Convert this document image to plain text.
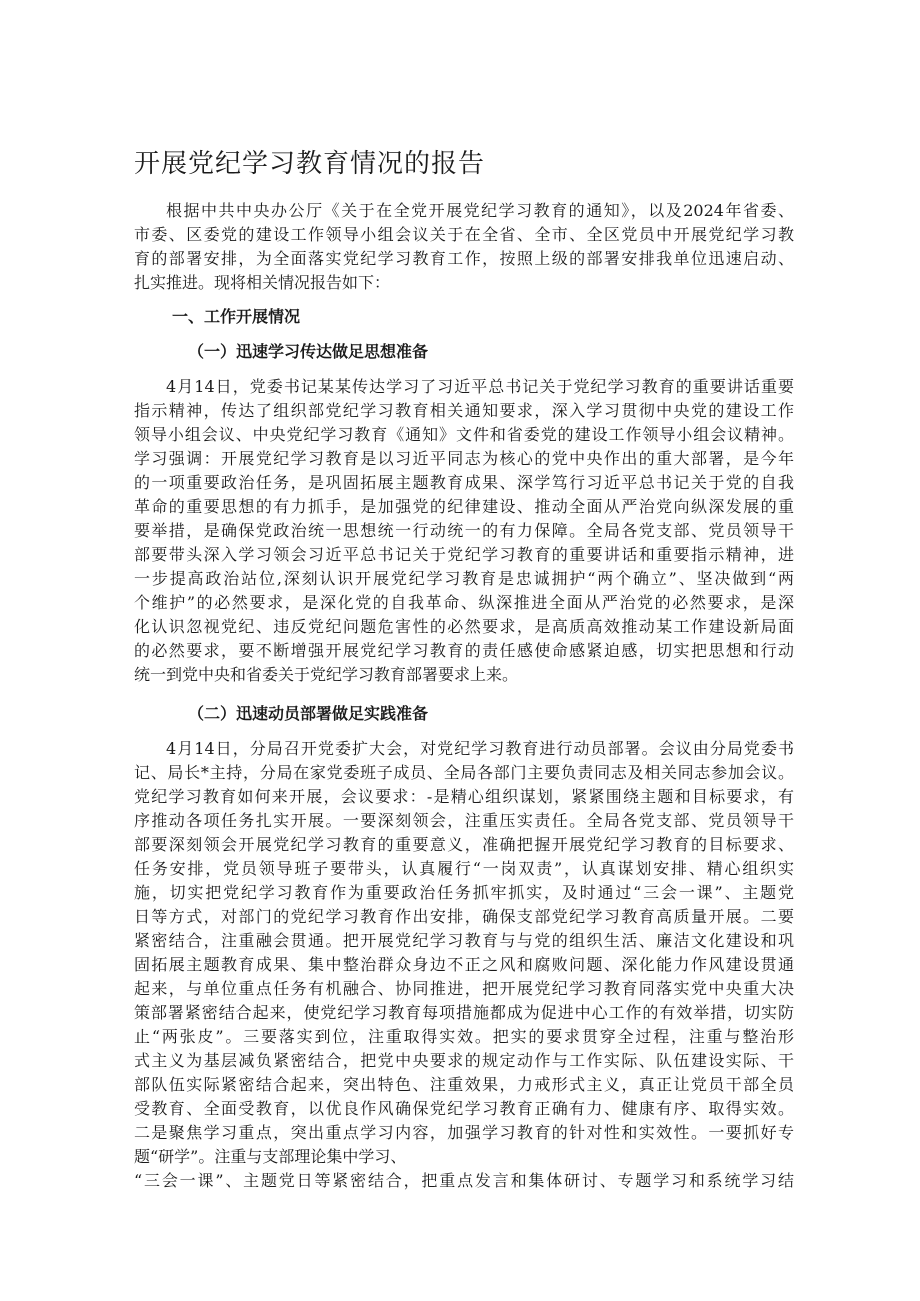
开展党纪学习教育情况的报告
根据中共中央办公厅《关于在全党开展党纪学习教育的通知》，以及2024年省委、
市委、区委党的建设工作领导小组会议关于在全省、全市、全区党员中开展党纪学习教
育的部署安排，为全面落实党纪学习教育工作，按照上级的部署安排我单位迅速启动、
扎实推进。现将相关情况报告如下：
一、工作开展情况
（一）迅速学习传达做足思想准备
4月14日，党委书记某某传达学习了习近平总书记关于党纪学习教育的重要讲话重要
指示精神，传达了组织部党纪学习教育相关通知要求，深入学习贯彻中央党的建设工作
领导小组会议、中央党纪学习教育《通知》文件和省委党的建设工作领导小组会议精神。
学习强调：开展党纪学习教育是以习近平同志为核心的党中央作出的重大部署，是今年
的一项重要政治任务，是巩固拓展主题教育成果、深学笃行习近平总书记关于党的自我
革命的重要思想的有力抓手，是加强党的纪律建设、推动全面从严治党向纵深发展的重
要举措，是确保党政治统一思想统一行动统一的有力保障。全局各党支部、党员领导干
部要带头深入学习领会习近平总书记关于党纪学习教育的重要讲话和重要指示精神，进
一步提高政治站位,深刻认识开展党纪学习教育是忠诚拥护“两个确立”、坚决做到“两
个维护”的必然要求，是深化党的自我革命、纵深推进全面从严治党的必然要求，是深
化认识忽视党纪、违反党纪问题危害性的必然要求，是高质高效推动某工作建设新局面
的必然要求，要不断增强开展党纪学习教育的责任感使命感紧迫感，切实把思想和行动
统一到党中央和省委关于党纪学习教育部署要求上来。
（二）迅速动员部署做足实践准备
4月14日，分局召开党委扩大会，对党纪学习教育进行动员部署。会议由分局党委书
记、局长*主持，分局在家党委班子成员、全局各部门主要负责同志及相关同志参加会议。
党纪学习教育如何来开展，会议要求：-是精心组织谋划，紧紧围绕主题和目标要求，有
序推动各项任务扎实开展。一要深刻领会，注重压实责任。全局各党支部、党员领导干
部要深刻领会开展党纪学习教育的重要意义，准确把握开展党纪学习教育的目标要求、
任务安排，党员领导班子要带头，认真履行“一岗双责”，认真谋划安排、精心组织实
施，切实把党纪学习教育作为重要政治任务抓牢抓实，及时通过“三会一课”、主题党
日等方式，对部门的党纪学习教育作出安排，确保支部党纪学习教育高质量开展。二要
紧密结合，注重融会贯通。把开展党纪学习教育与与党的组织生活、廉洁文化建设和巩
固拓展主题教育成果、集中整治群众身边不正之风和腐败问题、深化能力作风建设贯通
起来，与单位重点任务有机融合、协同推进，把开展党纪学习教育同落实党中央重大决
策部署紧密结合起来，使党纪学习教育每项措施都成为促进中心工作的有效举措，切实防
止“两张皮”。三要落实到位，注重取得实效。把实的要求贯穿全过程，注重与整治形
式主义为基层减负紧密结合，把党中央要求的规定动作与工作实际、队伍建设实际、干
部队伍实际紧密结合起来，突出特色、注重效果，力戒形式主义，真正让党员干部全员
受教育、全面受教育，以优良作风确保党纪学习教育正确有力、健康有序、取得实效。
二是聚焦学习重点，突出重点学习内容，加强学习教育的针对性和实效性。一要抓好专
题“研学”。注重与支部理论集中学习、
“三会一课”、主题党日等紧密结合，把重点发言和集体研讨、专题学习和系统学习结
